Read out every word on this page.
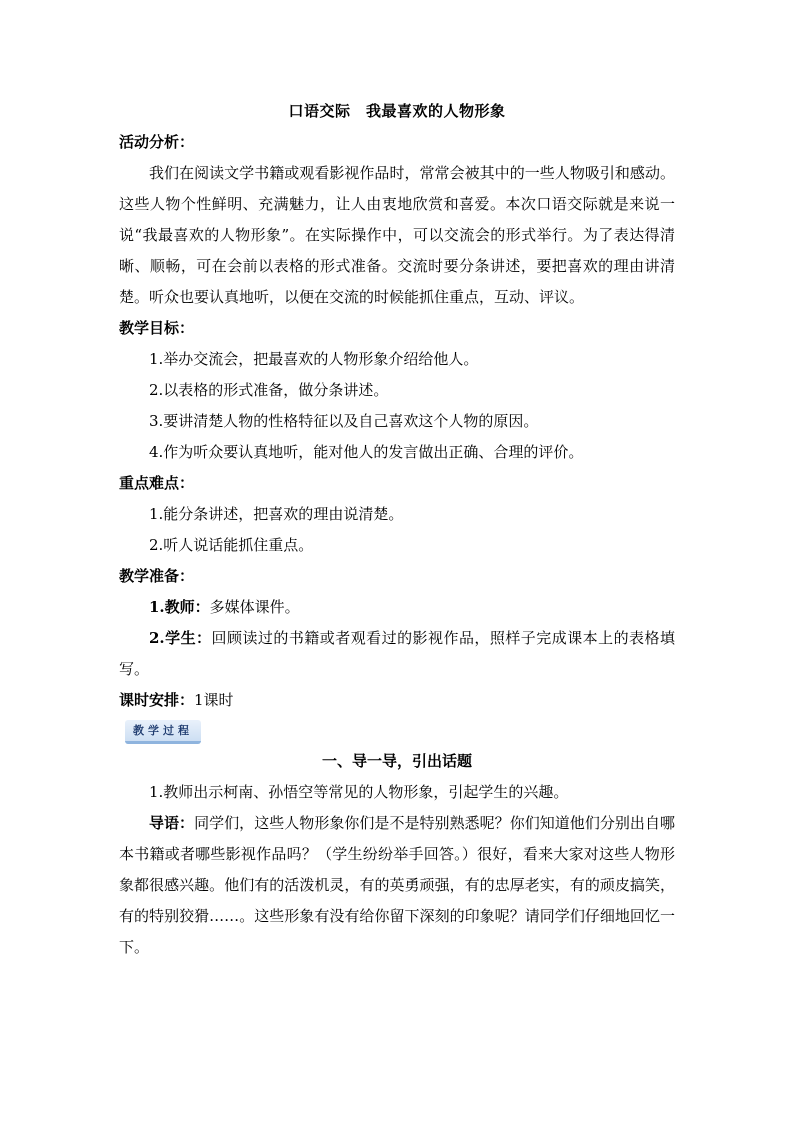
口语交际　我最喜欢的人物形象

活动分析：

我们在阅读文学书籍或观看影视作品时，常常会被其中的一些人物吸引和感动。这些人物个性鲜明、充满魅力，让人由衷地欣赏和喜爱。本次口语交际就是来说一说“我最喜欢的人物形象”。在实际操作中，可以交流会的形式举行。为了表达得清晰、顺畅，可在会前以表格的形式准备。交流时要分条讲述，要把喜欢的理由讲清楚。听众也要认真地听，以便在交流的时候能抓住重点，互动、评议。

教学目标：

1.举办交流会，把最喜欢的人物形象介绍给他人。

2.以表格的形式准备，做分条讲述。

3.要讲清楚人物的性格特征以及自己喜欢这个人物的原因。

4.作为听众要认真地听，能对他人的发言做出正确、合理的评价。

重点难点：

1.能分条讲述，把喜欢的理由说清楚。

2.听人说话能抓住重点。

教学准备：

1.教师：多媒体课件。

2.学生：回顾读过的书籍或者观看过的影视作品，照样子完成课本上的表格填写。

课时安排：1课时

教学过程

一、导一导，引出话题

1.教师出示柯南、孙悟空等常见的人物形象，引起学生的兴趣。

导语：同学们，这些人物形象你们是不是特别熟悉呢？你们知道他们分别出自哪本书籍或者哪些影视作品吗？（学生纷纷举手回答。）很好，看来大家对这些人物形象都很感兴趣。他们有的活泼机灵，有的英勇顽强，有的忠厚老实，有的顽皮搞笑，有的特别狡猾……。这些形象有没有给你留下深刻的印象呢？请同学们仔细地回忆一下。
